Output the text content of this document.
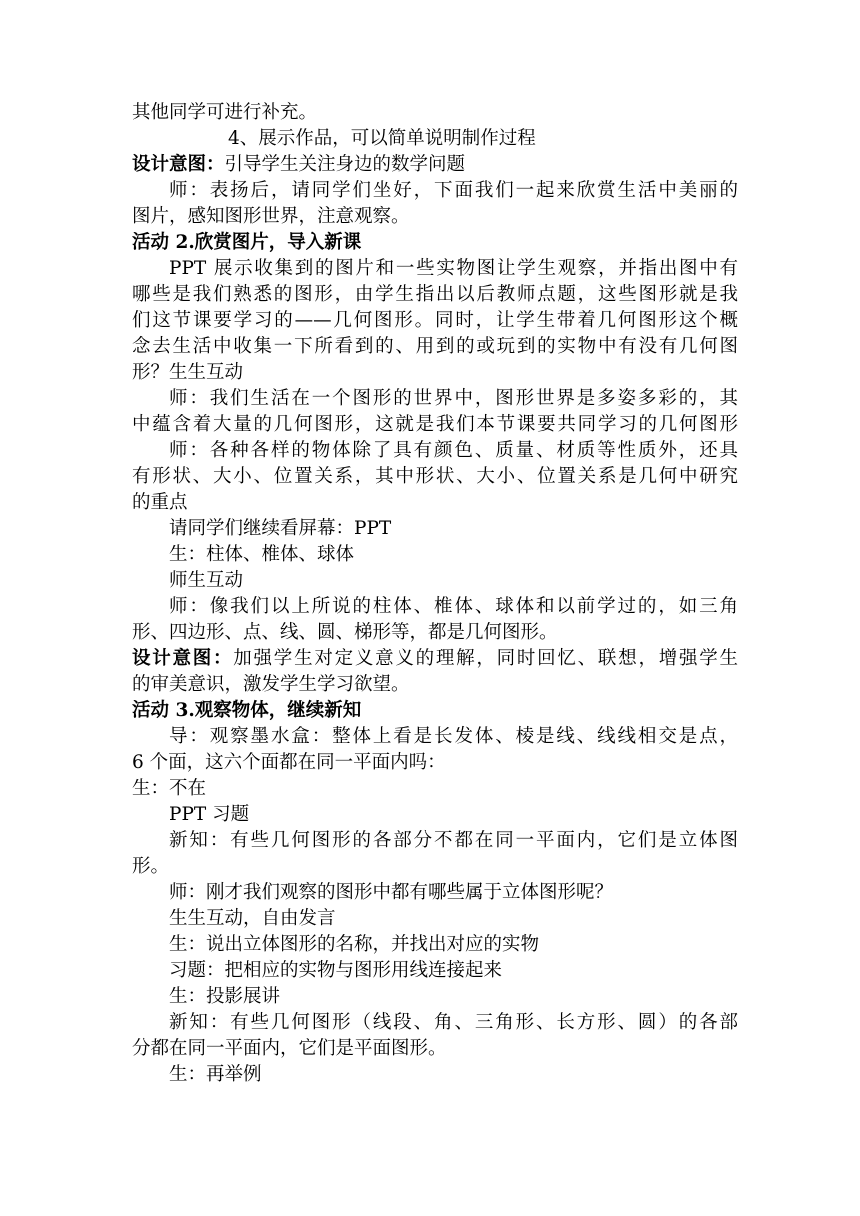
其他同学可进行补充。
4、展示作品，可以简单说明制作过程
设计意图：引导学生关注身边的数学问题
师：表扬后，请同学们坐好，下面我们一起来欣赏生活中美丽的
图片，感知图形世界，注意观察。
活动 2.欣赏图片，导入新课
PPT 展示收集到的图片和一些实物图让学生观察，并指出图中有
哪些是我们熟悉的图形，由学生指出以后教师点题，这些图形就是我
们这节课要学习的——几何图形。同时，让学生带着几何图形这个概
念去生活中收集一下所看到的、用到的或玩到的实物中有没有几何图
形？生生互动
师：我们生活在一个图形的世界中，图形世界是多姿多彩的，其
中蕴含着大量的几何图形，这就是我们本节课要共同学习的几何图形
师：各种各样的物体除了具有颜色、质量、材质等性质外，还具
有形状、大小、位置关系，其中形状、大小、位置关系是几何中研究
的重点
请同学们继续看屏幕：PPT
生：柱体、椎体、球体
师生互动
师：像我们以上所说的柱体、椎体、球体和以前学过的，如三角
形、四边形、点、线、圆、梯形等，都是几何图形。
设计意图：加强学生对定义意义的理解，同时回忆、联想，增强学生
的审美意识，激发学生学习欲望。
活动 3.观察物体，继续新知
导：观察墨水盒：整体上看是长发体、棱是线、线线相交是点，
6 个面，这六个面都在同一平面内吗：
生：不在
PPT 习题
新知：有些几何图形的各部分不都在同一平面内，它们是立体图
形。
师：刚才我们观察的图形中都有哪些属于立体图形呢？
生生互动，自由发言
生：说出立体图形的名称，并找出对应的实物
习题：把相应的实物与图形用线连接起来
生：投影展讲
新知：有些几何图形（线段、角、三角形、长方形、圆）的各部
分都在同一平面内，它们是平面图形。
生：再举例
